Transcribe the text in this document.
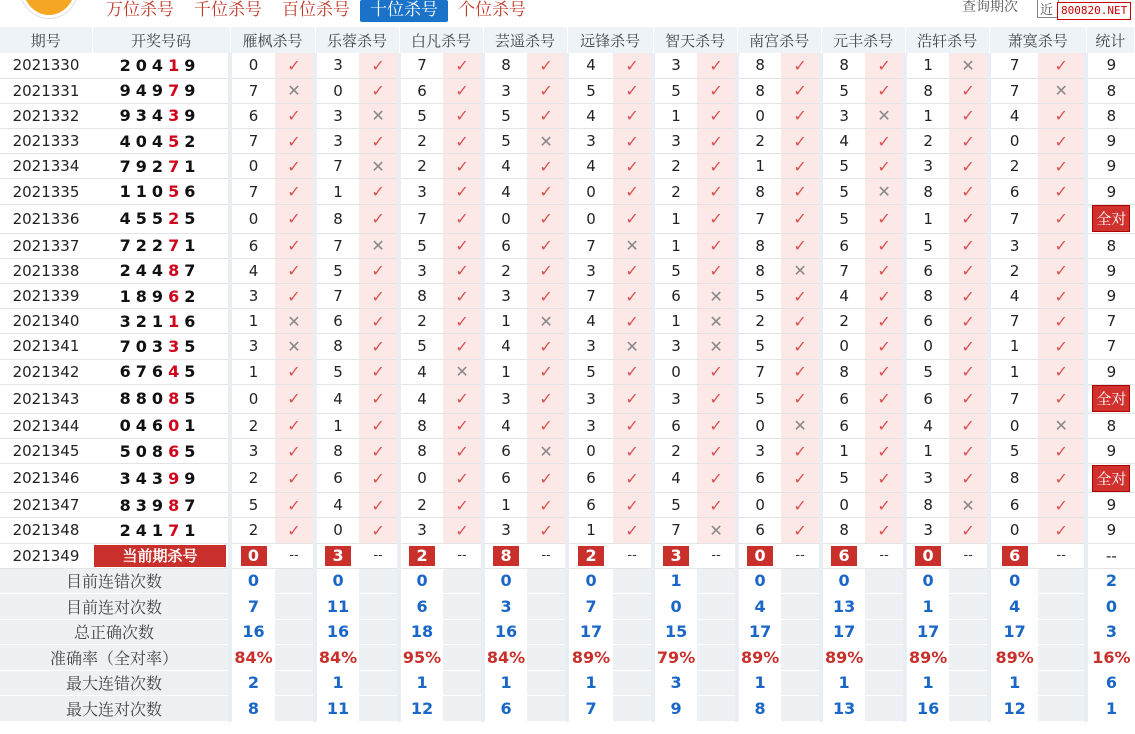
万位杀号	千位杀号	百位杀号	十位杀号	个位杀号	查询期次 近 800820.NET
期号	开奖号码	雁枫杀号		乐蓉杀号		白凡杀号		芸遥杀号		远锋杀号		智天杀号		南宫杀号		元丰杀号		浩轩杀号		萧寞杀号		统计
2021330	20419	0	✓	3	✓	7	✓	8	✓	4	✓	3	✓	8	✓	8	✓	1	✕	7	✓	9
2021331	94979	7	✕	0	✓	6	✓	3	✓	5	✓	5	✓	8	✓	5	✓	8	✓	7	✕	8
2021332	93439	6	✓	3	✕	5	✓	5	✓	4	✓	1	✓	0	✓	3	✕	1	✓	4	✓	8
2021333	40452	7	✓	3	✓	2	✓	5	✕	3	✓	3	✓	2	✓	4	✓	2	✓	0	✓	9
2021334	79271	0	✓	7	✕	2	✓	4	✓	4	✓	2	✓	1	✓	5	✓	3	✓	2	✓	9
2021335	11056	7	✓	1	✓	3	✓	4	✓	0	✓	2	✓	8	✓	5	✕	8	✓	6	✓	9
2021336	45525	0	✓	8	✓	7	✓	0	✓	0	✓	1	✓	7	✓	5	✓	1	✓	7	✓	全对
2021337	72271	6	✓	7	✕	5	✓	6	✓	7	✕	1	✓	8	✓	6	✓	5	✓	3	✓	8
2021338	24487	4	✓	5	✓	3	✓	2	✓	3	✓	5	✓	8	✕	7	✓	6	✓	2	✓	9
2021339	18962	3	✓	7	✓	8	✓	3	✓	7	✓	6	✕	5	✓	4	✓	8	✓	4	✓	9
2021340	32116	1	✕	6	✓	2	✓	1	✕	4	✓	1	✕	2	✓	2	✓	6	✓	7	✓	7
2021341	70335	3	✕	8	✓	5	✓	4	✓	3	✕	3	✕	5	✓	0	✓	0	✓	1	✓	7
2021342	67645	1	✓	5	✓	4	✕	1	✓	5	✓	0	✓	7	✓	8	✓	5	✓	1	✓	9
2021343	88085	0	✓	4	✓	4	✓	3	✓	3	✓	3	✓	5	✓	6	✓	6	✓	7	✓	全对
2021344	04601	2	✓	1	✓	8	✓	4	✓	3	✓	6	✓	0	✕	6	✓	4	✓	0	✕	8
2021345	50865	3	✓	8	✓	8	✓	6	✕	0	✓	2	✓	3	✓	1	✓	1	✓	5	✓	9
2021346	34399	2	✓	6	✓	0	✓	6	✓	6	✓	4	✓	6	✓	5	✓	3	✓	8	✓	全对
2021347	83987	5	✓	4	✓	2	✓	1	✓	6	✓	5	✓	0	✓	0	✓	8	✕	6	✓	9
2021348	24171	2	✓	0	✓	3	✓	3	✓	1	✓	7	✕	6	✓	8	✓	3	✓	0	✓	9
2021349	当前期杀号	0	--	3	--	2	--	8	--	2	--	3	--	0	--	6	--	0	--	6	--	--
目前连错次数		0		0		0		0		0		1		0		0		0		0		2
目前连对次数		7		11		6		3		7		0		4		13		1		4		0
总正确次数		16		16		18		16		17		15		17		17		17		17		3
准确率（全对率）		84%		84%		95%		84%		89%		79%		89%		89%		89%		89%		16%
最大连错次数		2		1		1		1		1		3		1		1		1		1		6
最大连对次数		8		11		12		6		7		9		8		13		16		12		1
